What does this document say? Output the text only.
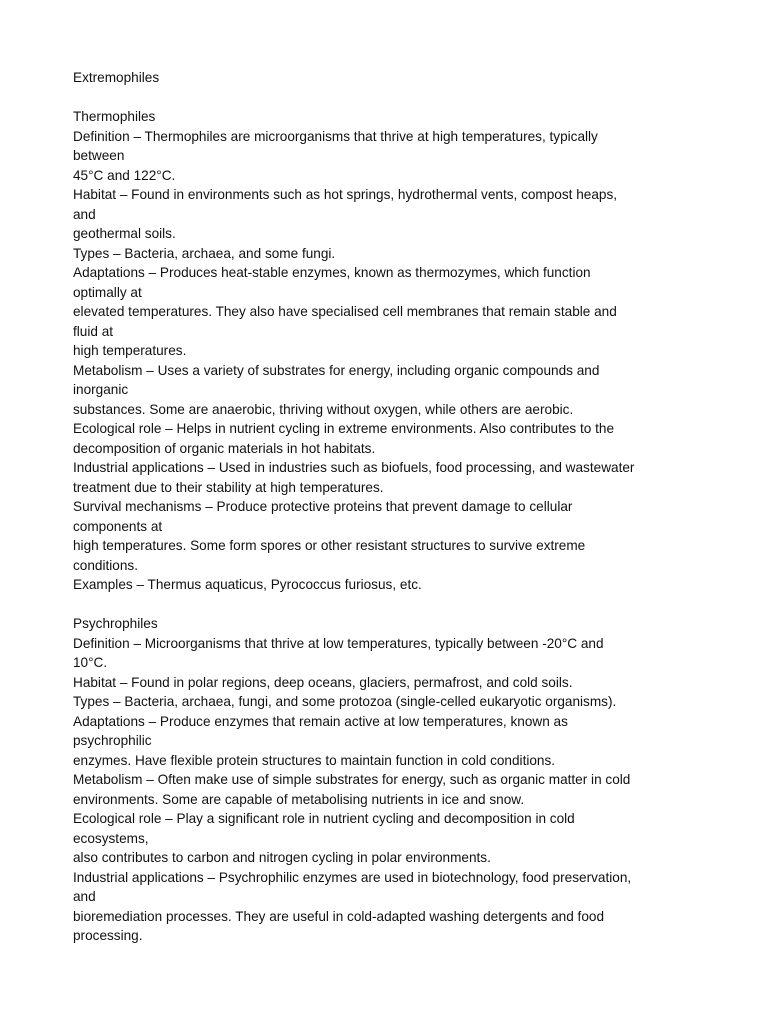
Extremophiles
Thermophiles
Definition – Thermophiles are microorganisms that thrive at high temperatures, typically
between
45°C and 122°C.
Habitat – Found in environments such as hot springs, hydrothermal vents, compost heaps,
and
geothermal soils.
Types – Bacteria, archaea, and some fungi.
Adaptations – Produces heat-stable enzymes, known as thermozymes, which function
optimally at
elevated temperatures. They also have specialised cell membranes that remain stable and
fluid at
high temperatures.
Metabolism – Uses a variety of substrates for energy, including organic compounds and
inorganic
substances. Some are anaerobic, thriving without oxygen, while others are aerobic.
Ecological role – Helps in nutrient cycling in extreme environments. Also contributes to the
decomposition of organic materials in hot habitats.
Industrial applications – Used in industries such as biofuels, food processing, and wastewater
treatment due to their stability at high temperatures.
Survival mechanisms – Produce protective proteins that prevent damage to cellular
components at
high temperatures. Some form spores or other resistant structures to survive extreme
conditions.
Examples – Thermus aquaticus, Pyrococcus furiosus, etc.
Psychrophiles
Definition – Microorganisms that thrive at low temperatures, typically between -20°C and
10°C.
Habitat – Found in polar regions, deep oceans, glaciers, permafrost, and cold soils.
Types – Bacteria, archaea, fungi, and some protozoa (single-celled eukaryotic organisms).
Adaptations – Produce enzymes that remain active at low temperatures, known as
psychrophilic
enzymes. Have flexible protein structures to maintain function in cold conditions.
Metabolism – Often make use of simple substrates for energy, such as organic matter in cold
environments. Some are capable of metabolising nutrients in ice and snow.
Ecological role – Play a significant role in nutrient cycling and decomposition in cold
ecosystems,
also contributes to carbon and nitrogen cycling in polar environments.
Industrial applications – Psychrophilic enzymes are used in biotechnology, food preservation,
and
bioremediation processes. They are useful in cold-adapted washing detergents and food
processing.
